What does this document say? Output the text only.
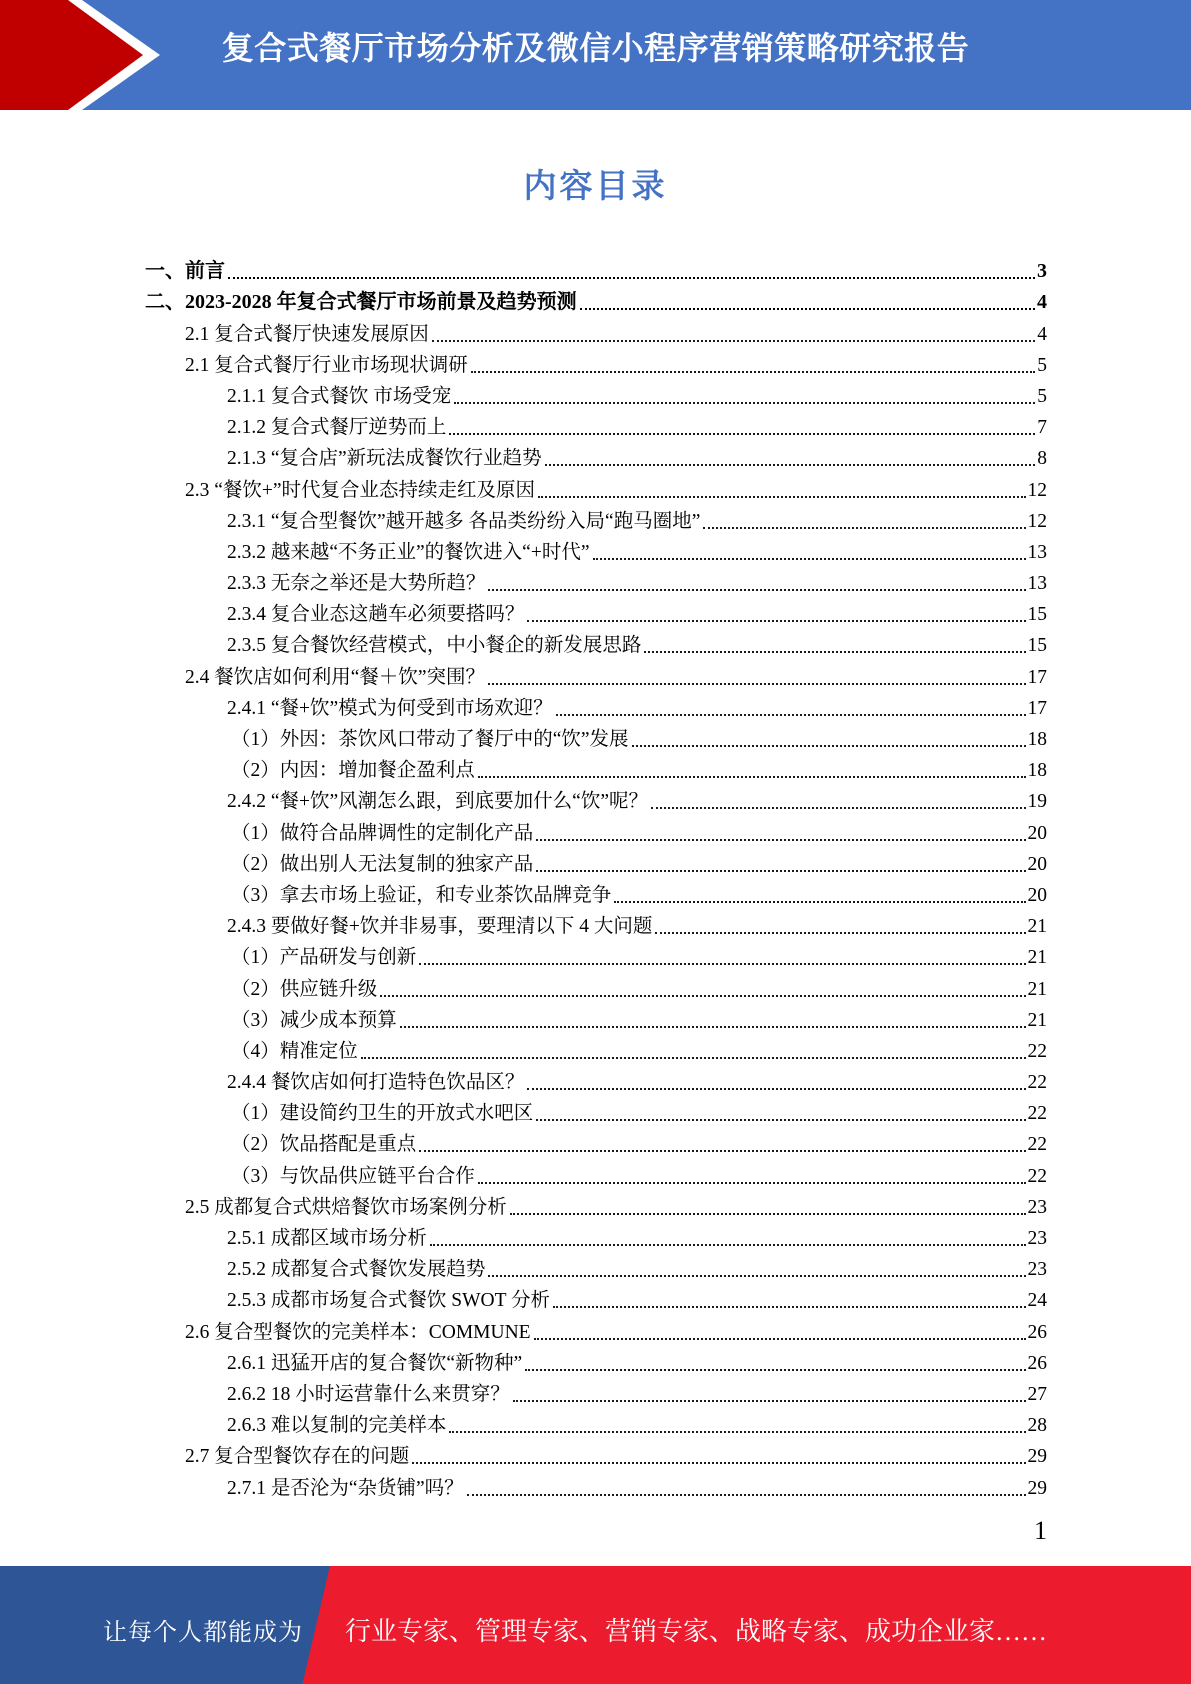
复合式餐厅市场分析及微信小程序营销策略研究报告
内容目录
一、前言	3
二、2023-2028 年复合式餐厅市场前景及趋势预测	4
2.1 复合式餐厅快速发展原因	4
2.1 复合式餐厅行业市场现状调研	5
2.1.1 复合式餐饮 市场受宠	5
2.1.2 复合式餐厅逆势而上	7
2.1.3 “复合店”新玩法成餐饮行业趋势	8
2.3 “餐饮+”时代复合业态持续走红及原因	12
2.3.1 “复合型餐饮”越开越多 各品类纷纷入局“跑马圈地”	12
2.3.2 越来越“不务正业”的餐饮进入“+时代”	13
2.3.3 无奈之举还是大势所趋？	13
2.3.4 复合业态这趟车必须要搭吗？	15
2.3.5 复合餐饮经营模式，中小餐企的新发展思路	15
2.4 餐饮店如何利用“餐＋饮”突围？	17
2.4.1 “餐+饮”模式为何受到市场欢迎？	17
（1）外因：茶饮风口带动了餐厅中的“饮”发展	18
（2）内因：增加餐企盈利点	18
2.4.2 “餐+饮”风潮怎么跟，到底要加什么“饮”呢？	19
（1）做符合品牌调性的定制化产品	20
（2）做出别人无法复制的独家产品	20
（3）拿去市场上验证，和专业茶饮品牌竞争	20
2.4.3 要做好餐+饮并非易事，要理清以下 4 大问题	21
（1）产品研发与创新	21
（2）供应链升级	21
（3）减少成本预算	21
（4）精准定位	22
2.4.4 餐饮店如何打造特色饮品区？	22
（1）建设简约卫生的开放式水吧区	22
（2）饮品搭配是重点	22
（3）与饮品供应链平台合作	22
2.5 成都复合式烘焙餐饮市场案例分析	23
2.5.1 成都区域市场分析	23
2.5.2 成都复合式餐饮发展趋势	23
2.5.3 成都市场复合式餐饮 SWOT 分析	24
2.6 复合型餐饮的完美样本：COMMUNE	26
2.6.1 迅猛开店的复合餐饮“新物种”	26
2.6.2 18 小时运营靠什么来贯穿？	27
2.6.3 难以复制的完美样本	28
2.7 复合型餐饮存在的问题	29
2.7.1 是否沦为“杂货铺”吗？	29
1
让每个人都能成为 行业专家、管理专家、营销专家、战略专家、成功企业家……
